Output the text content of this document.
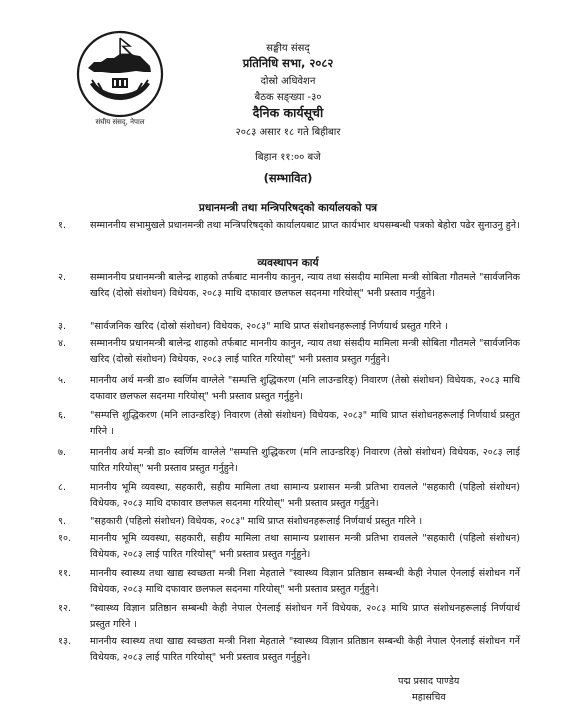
संघीय संसद्, नेपाल
सङ्घीय संसद्
प्रतिनिधि सभा, २०८२
दोस्रो अधिवेशन
बैठक सङ्ख्या -३०
दैनिक कार्यसूची
२०८३ असार १८ गते बिहीबार
बिहान ११:०० बजे
(सम्भावित)
प्रधानमन्त्री तथा मन्त्रिपरिषद्को कार्यालयको पत्र
१. सम्माननीय सभामुखले प्रधानमन्त्री तथा मन्त्रिपरिषद्को कार्यालयबाट प्राप्त कार्यभार थपसम्बन्धी पत्रको बेहोरा पढेर सुनाउनु हुने।
व्यवस्थापन कार्य
२. सम्माननीय प्रधानमन्त्री बालेन्द्र शाहको तर्फबाट माननीय कानुन, न्याय तथा संसदीय मामिला मन्त्री सोबिता गौतमले "सार्वजनिक खरिद (दोस्रो संशोधन) विधेयक, २०८३ माथि दफावार छलफल सदनमा गरियोस्" भनी प्रस्ताव गर्नुहुने।
३. "सार्वजनिक खरिद (दोस्रो संशोधन) विधेयक, २०८३" माथि प्राप्त संशोधनहरूलाई निर्णयार्थ प्रस्तुत गरिने ।
४. सम्माननीय प्रधानमन्त्री बालेन्द्र शाहको तर्फबाट माननीय कानुन, न्याय तथा संसदीय मामिला मन्त्री सोबिता गौतमले "सार्वजनिक खरिद (दोस्रो संशोधन) विधेयक, २०८३ लाई पारित गरियोस्" भनी प्रस्ताव प्रस्तुत गर्नुहुने।
५. माननीय अर्थ मन्त्री डा० स्वर्णिम वाग्लेले "सम्पत्ति शुद्धिकरण (मनि लाउन्डरिङ्) निवारण (तेस्रो संशोधन) विधेयक, २०८३ माथि दफावार छलफल सदनमा गरियोस्" भनी प्रस्ताव प्रस्तुत गर्नुहुने।
६. "सम्पत्ति शुद्धिकरण (मनि लाउन्डरिङ्) निवारण (तेस्रो संशोधन) विधेयक, २०८३" माथि प्राप्त संशोधनहरूलाई निर्णयार्थ प्रस्तुत गरिने ।
७. माननीय अर्थ मन्त्री डा० स्वर्णिम वाग्लेले "सम्पत्ति शुद्धिकरण (मनि लाउन्डरिङ्) निवारण (तेस्रो संशोधन) विधेयक, २०८३ लाई पारित गरियोस्" भनी प्रस्ताव प्रस्तुत गर्नुहुने।
८. माननीय भूमि व्यवस्था, सहकारी, सहीय मामिला तथा सामान्य प्रशासन मन्त्री प्रतिभा रावलले "सहकारी (पहिलो संशोधन) विधेयक, २०८३ माथि दफावार छलफल सदनमा गरियोस्" भनी प्रस्ताव प्रस्तुत गर्नुहुने।
९. "सहकारी (पहिलो संशोधन) विधेयक, २०८३" माथि प्राप्त संशोधनहरूलाई निर्णयार्थ प्रस्तुत गरिने ।
१०. माननीय भूमि व्यवस्था, सहकारी, सहीय मामिला तथा सामान्य प्रशासन मन्त्री प्रतिभा रावलले "सहकारी (पहिलो संशोधन) विधेयक, २०८३ लाई पारित गरियोस्" भनी प्रस्ताव प्रस्तुत गर्नुहुने।
११. माननीय स्वास्थ्य तथा खाद्य स्वच्छता मन्त्री निशा मेहताले "स्वास्थ्य विज्ञान प्रतिष्ठान सम्बन्धी केही नेपाल ऐनलाई संशोधन गर्ने विधेयक, २०८३ माथि दफावार छलफल सदनमा गरियोस्" भनी प्रस्ताव प्रस्तुत गर्नुहुने।
१२. "स्वास्थ्य विज्ञान प्रतिष्ठान सम्बन्धी केही नेपाल ऐनलाई संशोधन गर्ने विधेयक, २०८३ माथि प्राप्त संशोधनहरूलाई निर्णयार्थ प्रस्तुत गरिने ।
१३. माननीय स्वास्थ्य तथा खाद्य स्वच्छता मन्त्री निशा मेहताले "स्वास्थ्य विज्ञान प्रतिष्ठान सम्बन्धी केही नेपाल ऐनलाई संशोधन गर्ने विधेयक, २०८३ लाई पारित गरियोस्" भनी प्रस्ताव प्रस्तुत गर्नुहुने।
पद्म प्रसाद पाण्डेय
महासचिव
